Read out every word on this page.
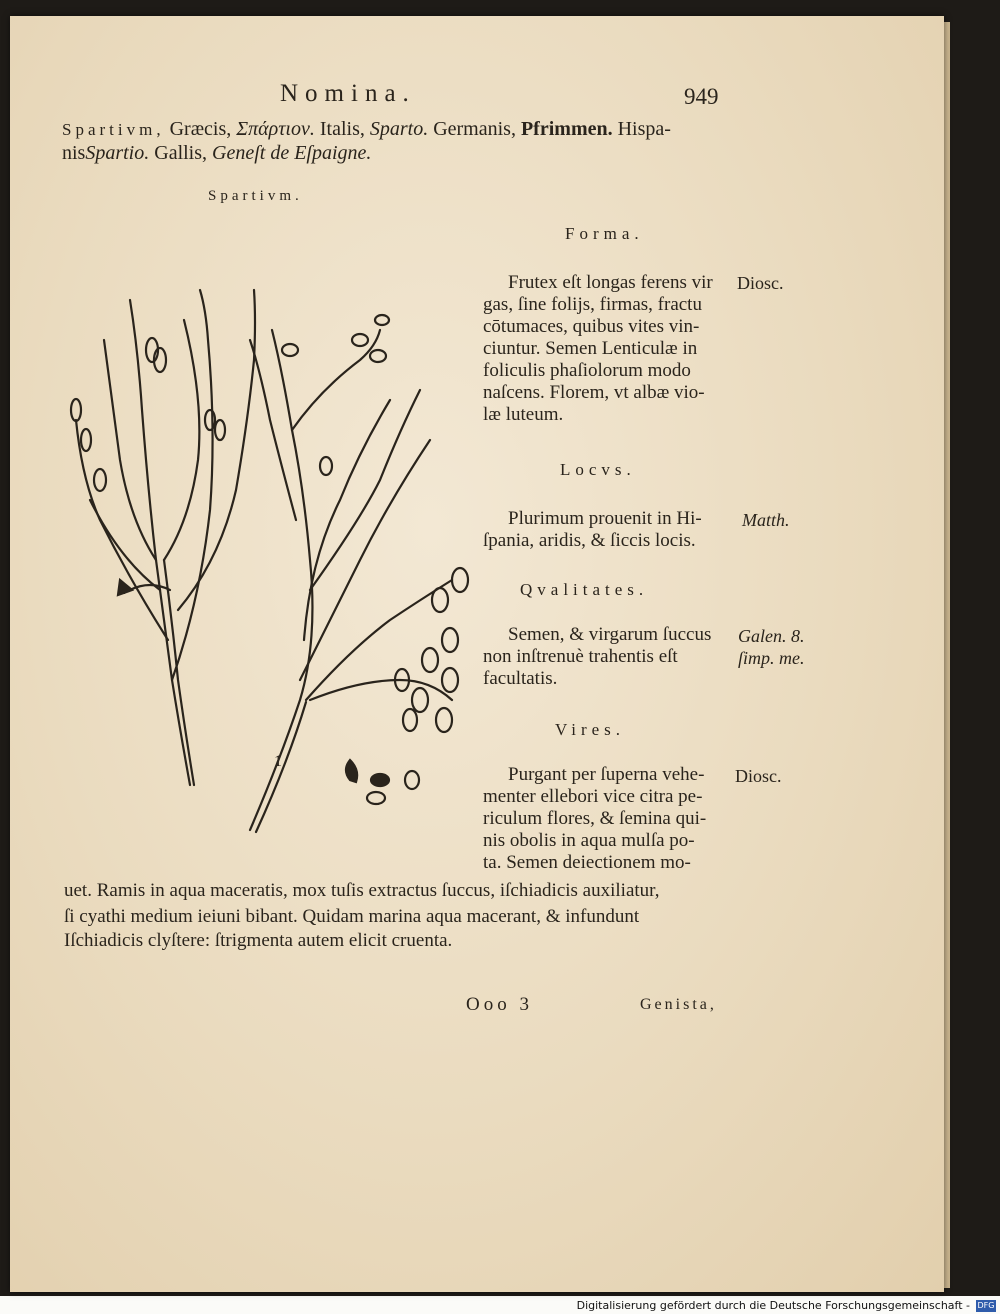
Nomina.	949
Spartivm, Græcis, Σπάρτιον. Italis, Sparto. Germanis, Pfrimmen. Hispa-
nisSpartio. Gallis, Geneſt de Eſpaigne.
Spartivm.
2
1
Forma.
Diosc.
Frutex eſt longas ferens vir
gas, ſine folijs, firmas, fractu
cōtumaces, quibus vites vin-
ciuntur. Semen Lenticulæ in
foliculis phaſiolorum modo
naſcens. Florem, vt albæ vio-
læ luteum.
Locvs.
Matth.
Plurimum prouenit in Hi-
ſpania, aridis, & ſiccis locis.
Qvalitates.
Galen. 8.
ſimp. me.
Semen, & virgarum ſuccus
non inſtrenuè trahentis eſt
facultatis.
Vires.
Diosc.
Purgant per ſuperna vehe-
menter ellebori vice citra pe-
riculum flores, & ſemina qui-
nis obolis in aqua mulſa po-
ta. Semen deiectionem mo-
uet. Ramis in aqua maceratis, mox tuſis extractus ſuccus, iſchiadicis auxiliatur,
ſi cyathi medium ieiuni bibant. Quidam marina aqua macerant, & infundunt
Iſchiadicis clyſtere: ſtrigmenta autem elicit cruenta.
Ooo 3	Genista,
Digitalisierung gefördert durch die Deutsche Forschungsgemeinschaft - DFG
